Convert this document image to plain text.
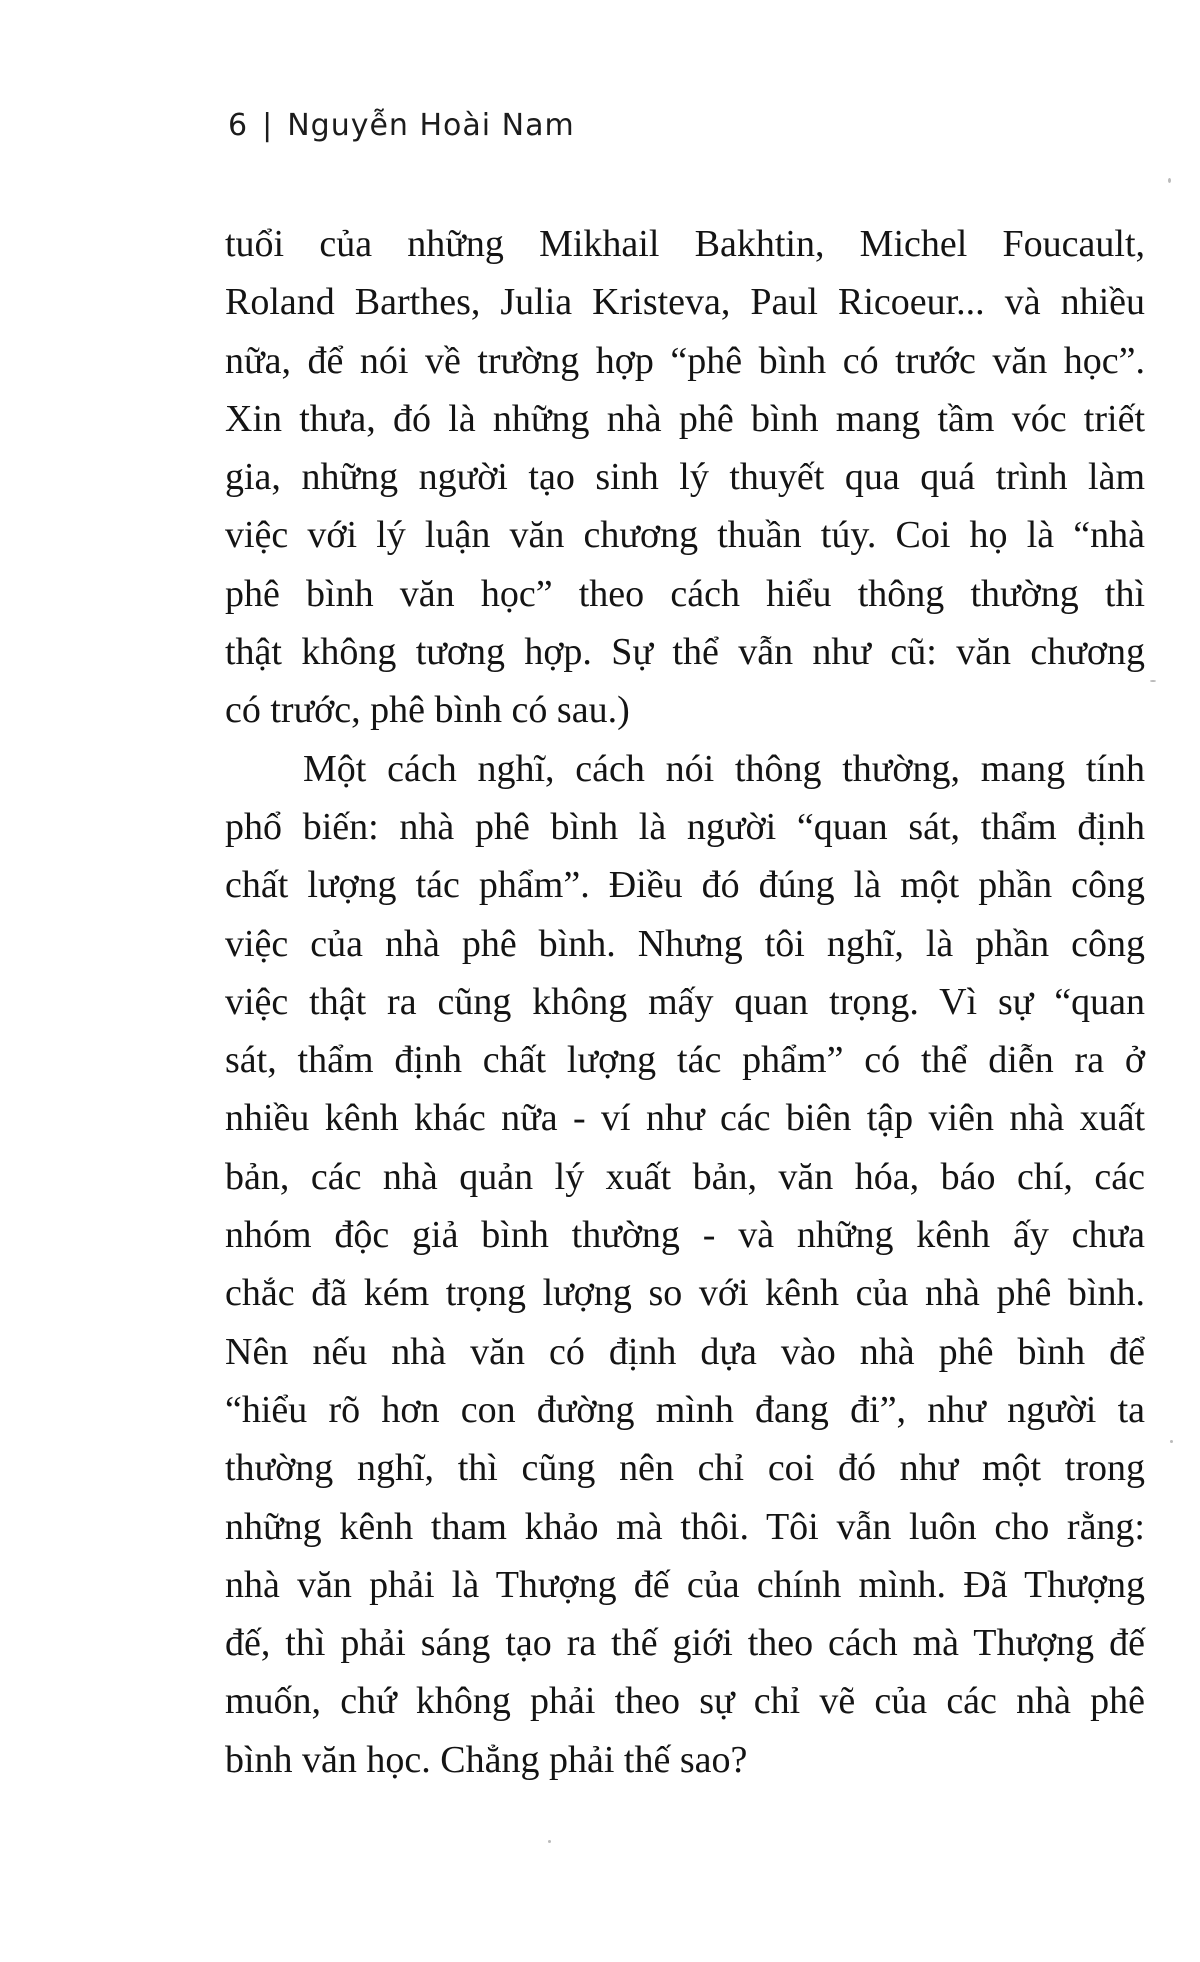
6 | Nguyễn Hoài Nam
tuổi của những Mikhail Bakhtin, Michel Foucault,
Roland Barthes, Julia Kristeva, Paul Ricoeur... và nhiều
nữa, để nói về trường hợp “phê bình có trước văn học”.
Xin thưa, đó là những nhà phê bình mang tầm vóc triết
gia, những người tạo sinh lý thuyết qua quá trình làm
việc với lý luận văn chương thuần túy. Coi họ là “nhà
phê bình văn học” theo cách hiểu thông thường thì
thật không tương hợp. Sự thể vẫn như cũ: văn chương
có trước, phê bình có sau.)
Một cách nghĩ, cách nói thông thường, mang tính
phổ biến: nhà phê bình là người “quan sát, thẩm định
chất lượng tác phẩm”. Điều đó đúng là một phần công
việc của nhà phê bình. Nhưng tôi nghĩ, là phần công
việc thật ra cũng không mấy quan trọng. Vì sự “quan
sát, thẩm định chất lượng tác phẩm” có thể diễn ra ở
nhiều kênh khác nữa - ví như các biên tập viên nhà xuất
bản, các nhà quản lý xuất bản, văn hóa, báo chí, các
nhóm độc giả bình thường - và những kênh ấy chưa
chắc đã kém trọng lượng so với kênh của nhà phê bình.
Nên nếu nhà văn có định dựa vào nhà phê bình để
“hiểu rõ hơn con đường mình đang đi”, như người ta
thường nghĩ, thì cũng nên chỉ coi đó như một trong
những kênh tham khảo mà thôi. Tôi vẫn luôn cho rằng:
nhà văn phải là Thượng đế của chính mình. Đã Thượng
đế, thì phải sáng tạo ra thế giới theo cách mà Thượng đế
muốn, chứ không phải theo sự chỉ vẽ của các nhà phê
bình văn học. Chẳng phải thế sao?
